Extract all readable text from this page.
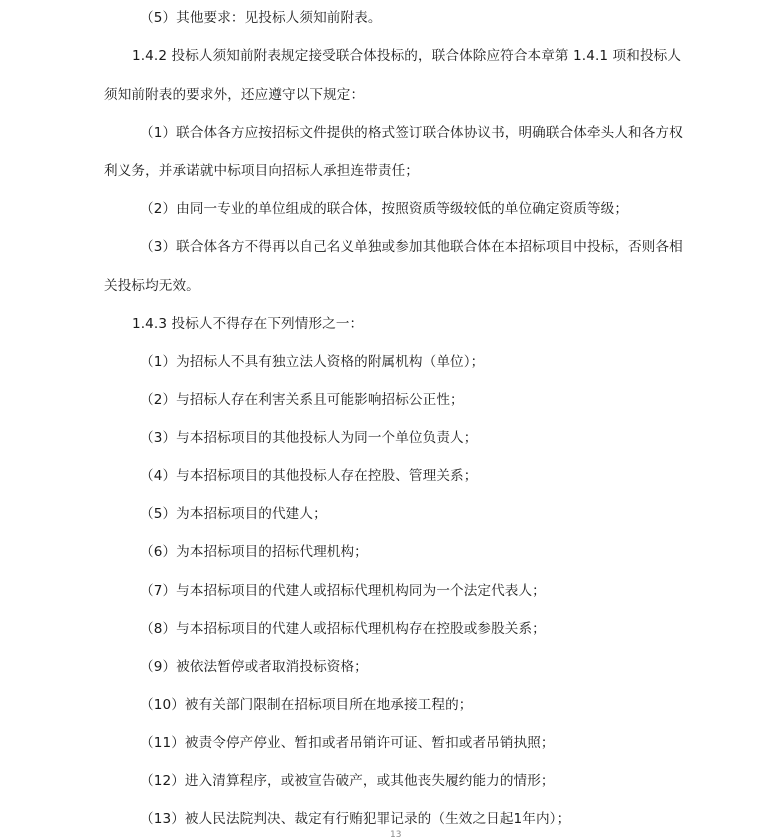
（5）其他要求：见投标人须知前附表。
1.4.2 投标人须知前附表规定接受联合体投标的，联合体除应符合本章第 1.4.1 项和投标人
须知前附表的要求外，还应遵守以下规定：
（1）联合体各方应按招标文件提供的格式签订联合体协议书，明确联合体牵头人和各方权
利义务，并承诺就中标项目向招标人承担连带责任；
（2）由同一专业的单位组成的联合体，按照资质等级较低的单位确定资质等级；
（3）联合体各方不得再以自己名义单独或参加其他联合体在本招标项目中投标，否则各相
关投标均无效。
1.4.3 投标人不得存在下列情形之一：
（1）为招标人不具有独立法人资格的附属机构（单位）；
（2）与招标人存在利害关系且可能影响招标公正性；
（3）与本招标项目的其他投标人为同一个单位负责人；
（4）与本招标项目的其他投标人存在控股、管理关系；
（5）为本招标项目的代建人；
（6）为本招标项目的招标代理机构；
（7）与本招标项目的代建人或招标代理机构同为一个法定代表人；
（8）与本招标项目的代建人或招标代理机构存在控股或参股关系；
（9）被依法暂停或者取消投标资格；
（10）被有关部门限制在招标项目所在地承接工程的；
（11）被责令停产停业、暂扣或者吊销许可证、暂扣或者吊销执照；
（12）进入清算程序，或被宣告破产，或其他丧失履约能力的情形；
（13）被人民法院判决、裁定有行贿犯罪记录的（生效之日起1年内）；
13
